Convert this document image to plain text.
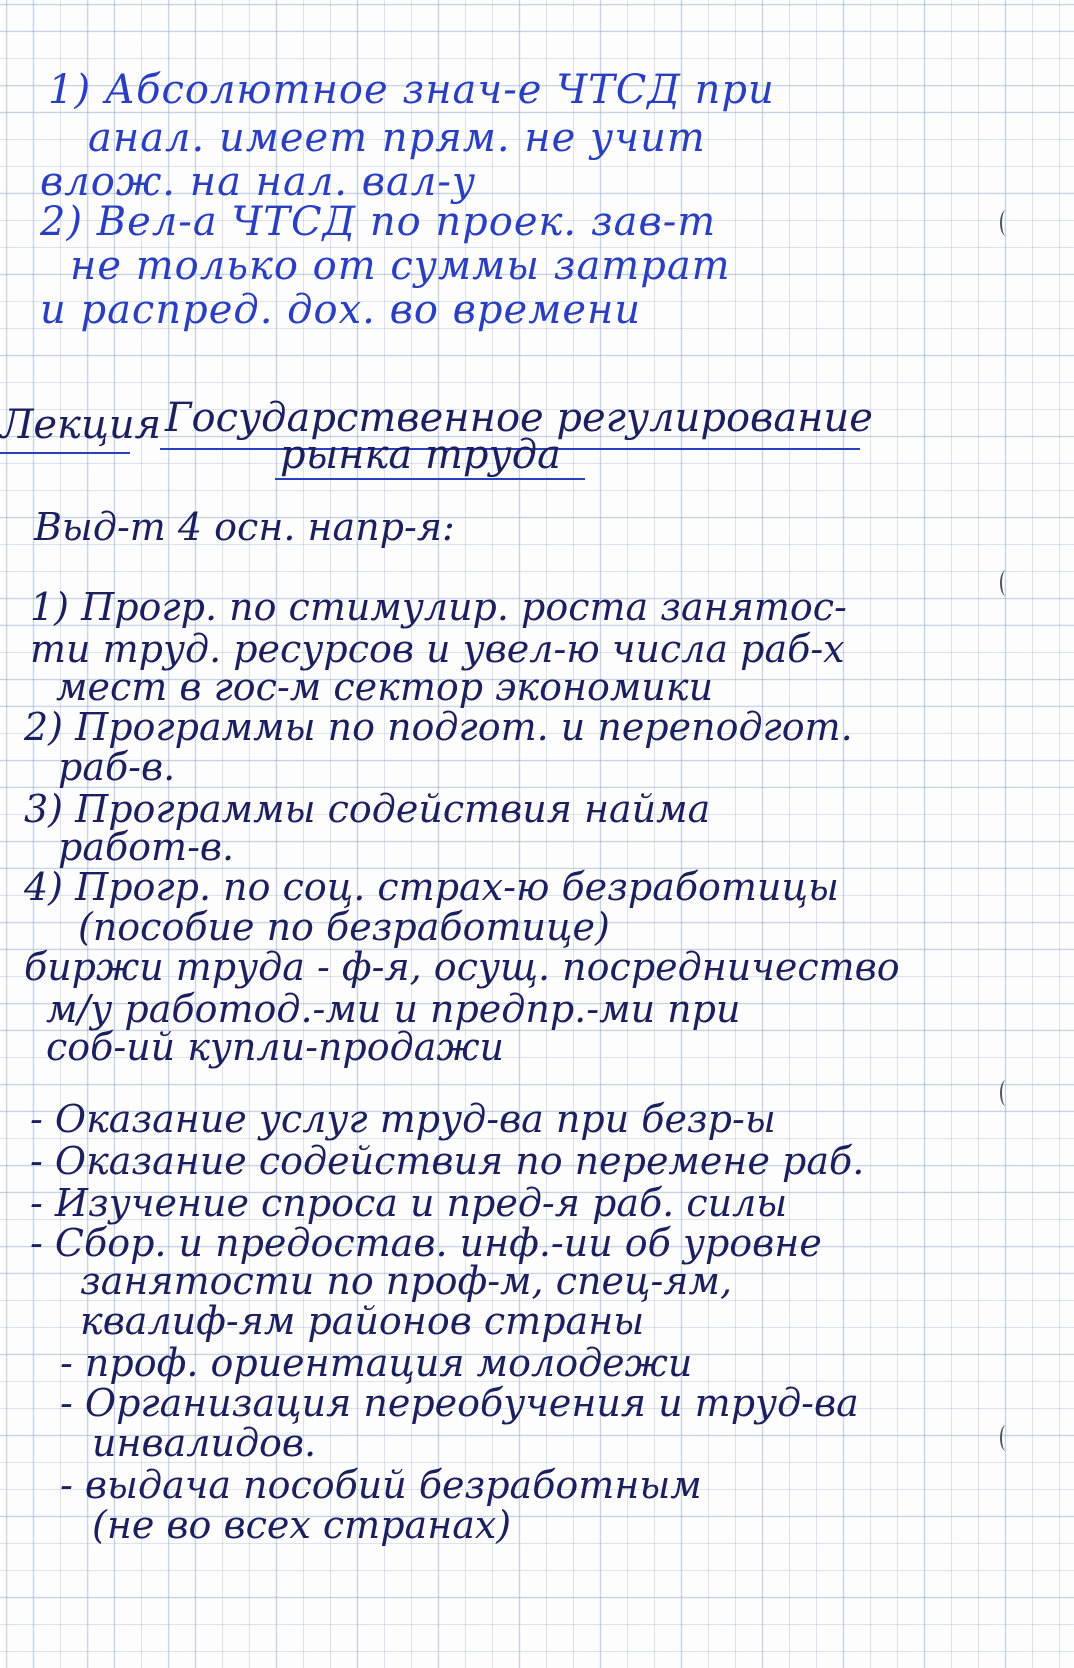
1) Абсолютное знач-е ЧТСД при

анал. имеет прям. не учит

влож. на нал. вал-у

2) Вел-а ЧТСД по проек. зав-т

не только от суммы затрат

и распред. дох. во времени

Лекция Государственное регулирование

рынка труда

Выд-т 4 осн. напр-я:

1) Прогр. по стимулир. роста занятос-

ти труд. ресурсов и увел-ю числа раб-х

мест в гос-м сектор экономики

2) Программы по подгот. и переподгот.

раб-в.

3) Программы содействия найма

работ-в.

4) Прогр. по соц. страх-ю безработицы

(пособие по безработице)

биржи труда - ф-я, осущ. посредничество

м/у работод.-ми и предпр.-ми при

соб-ий купли-продажи

- Оказание услуг труд-ва при безр-ы

- Оказание содействия по перемене раб.

- Изучение спроса и пред-я раб. силы

- Сбор. и предостав. инф.-ии об уровне

занятости по проф-м, спец-ям,

квалиф-ям районов страны

- проф. ориентация молодежи

- Организация переобучения и труд-ва

инвалидов.

- выдача пособий безработным

(не во всех странах)
